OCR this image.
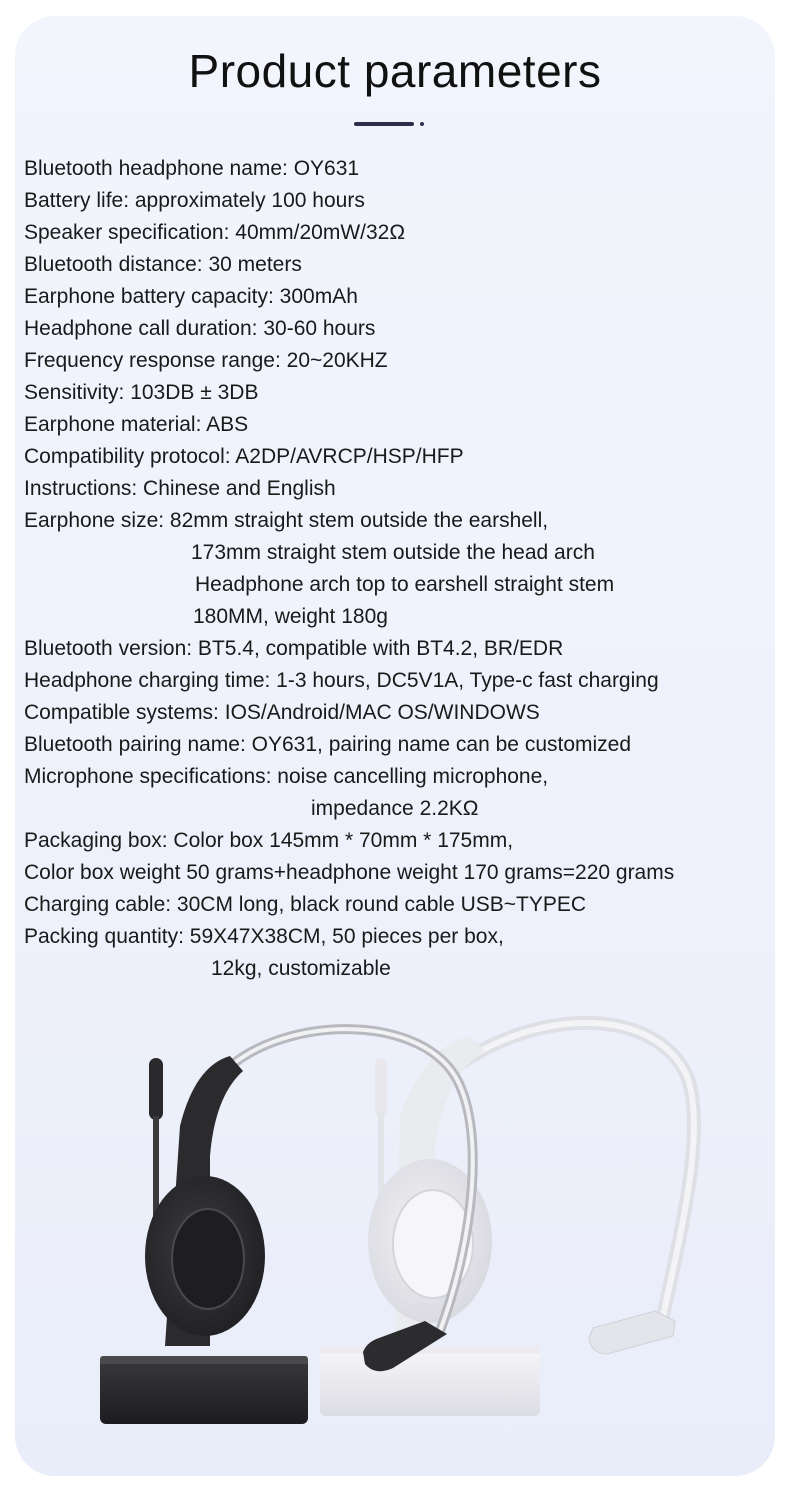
Product parameters
Bluetooth headphone name: OY631
Battery life: approximately 100 hours
Speaker specification: 40mm/20mW/32Ω
Bluetooth distance: 30 meters
Earphone battery capacity: 300mAh
Headphone call duration: 30-60 hours
Frequency response range: 20~20KHZ
Sensitivity: 103DB ± 3DB
Earphone material: ABS
Compatibility protocol: A2DP/AVRCP/HSP/HFP
Instructions: Chinese and English
Earphone size: 82mm straight stem outside the earshell,
173mm straight stem outside the head arch
Headphone arch top to earshell straight stem
180MM, weight 180g
Bluetooth version: BT5.4, compatible with BT4.2, BR/EDR
Headphone charging time: 1-3 hours, DC5V1A, Type-c fast charging
Compatible systems: IOS/Android/MAC OS/WINDOWS
Bluetooth pairing name: OY631, pairing name can be customized
Microphone specifications: noise cancelling microphone,
impedance 2.2KΩ
Packaging box: Color box 145mm * 70mm * 175mm,
Color box weight 50 grams+headphone weight 170 grams=220 grams
Charging cable: 30CM long, black round cable USB~TYPEC
Packing quantity: 59X47X38CM, 50 pieces per box,
12kg, customizable
